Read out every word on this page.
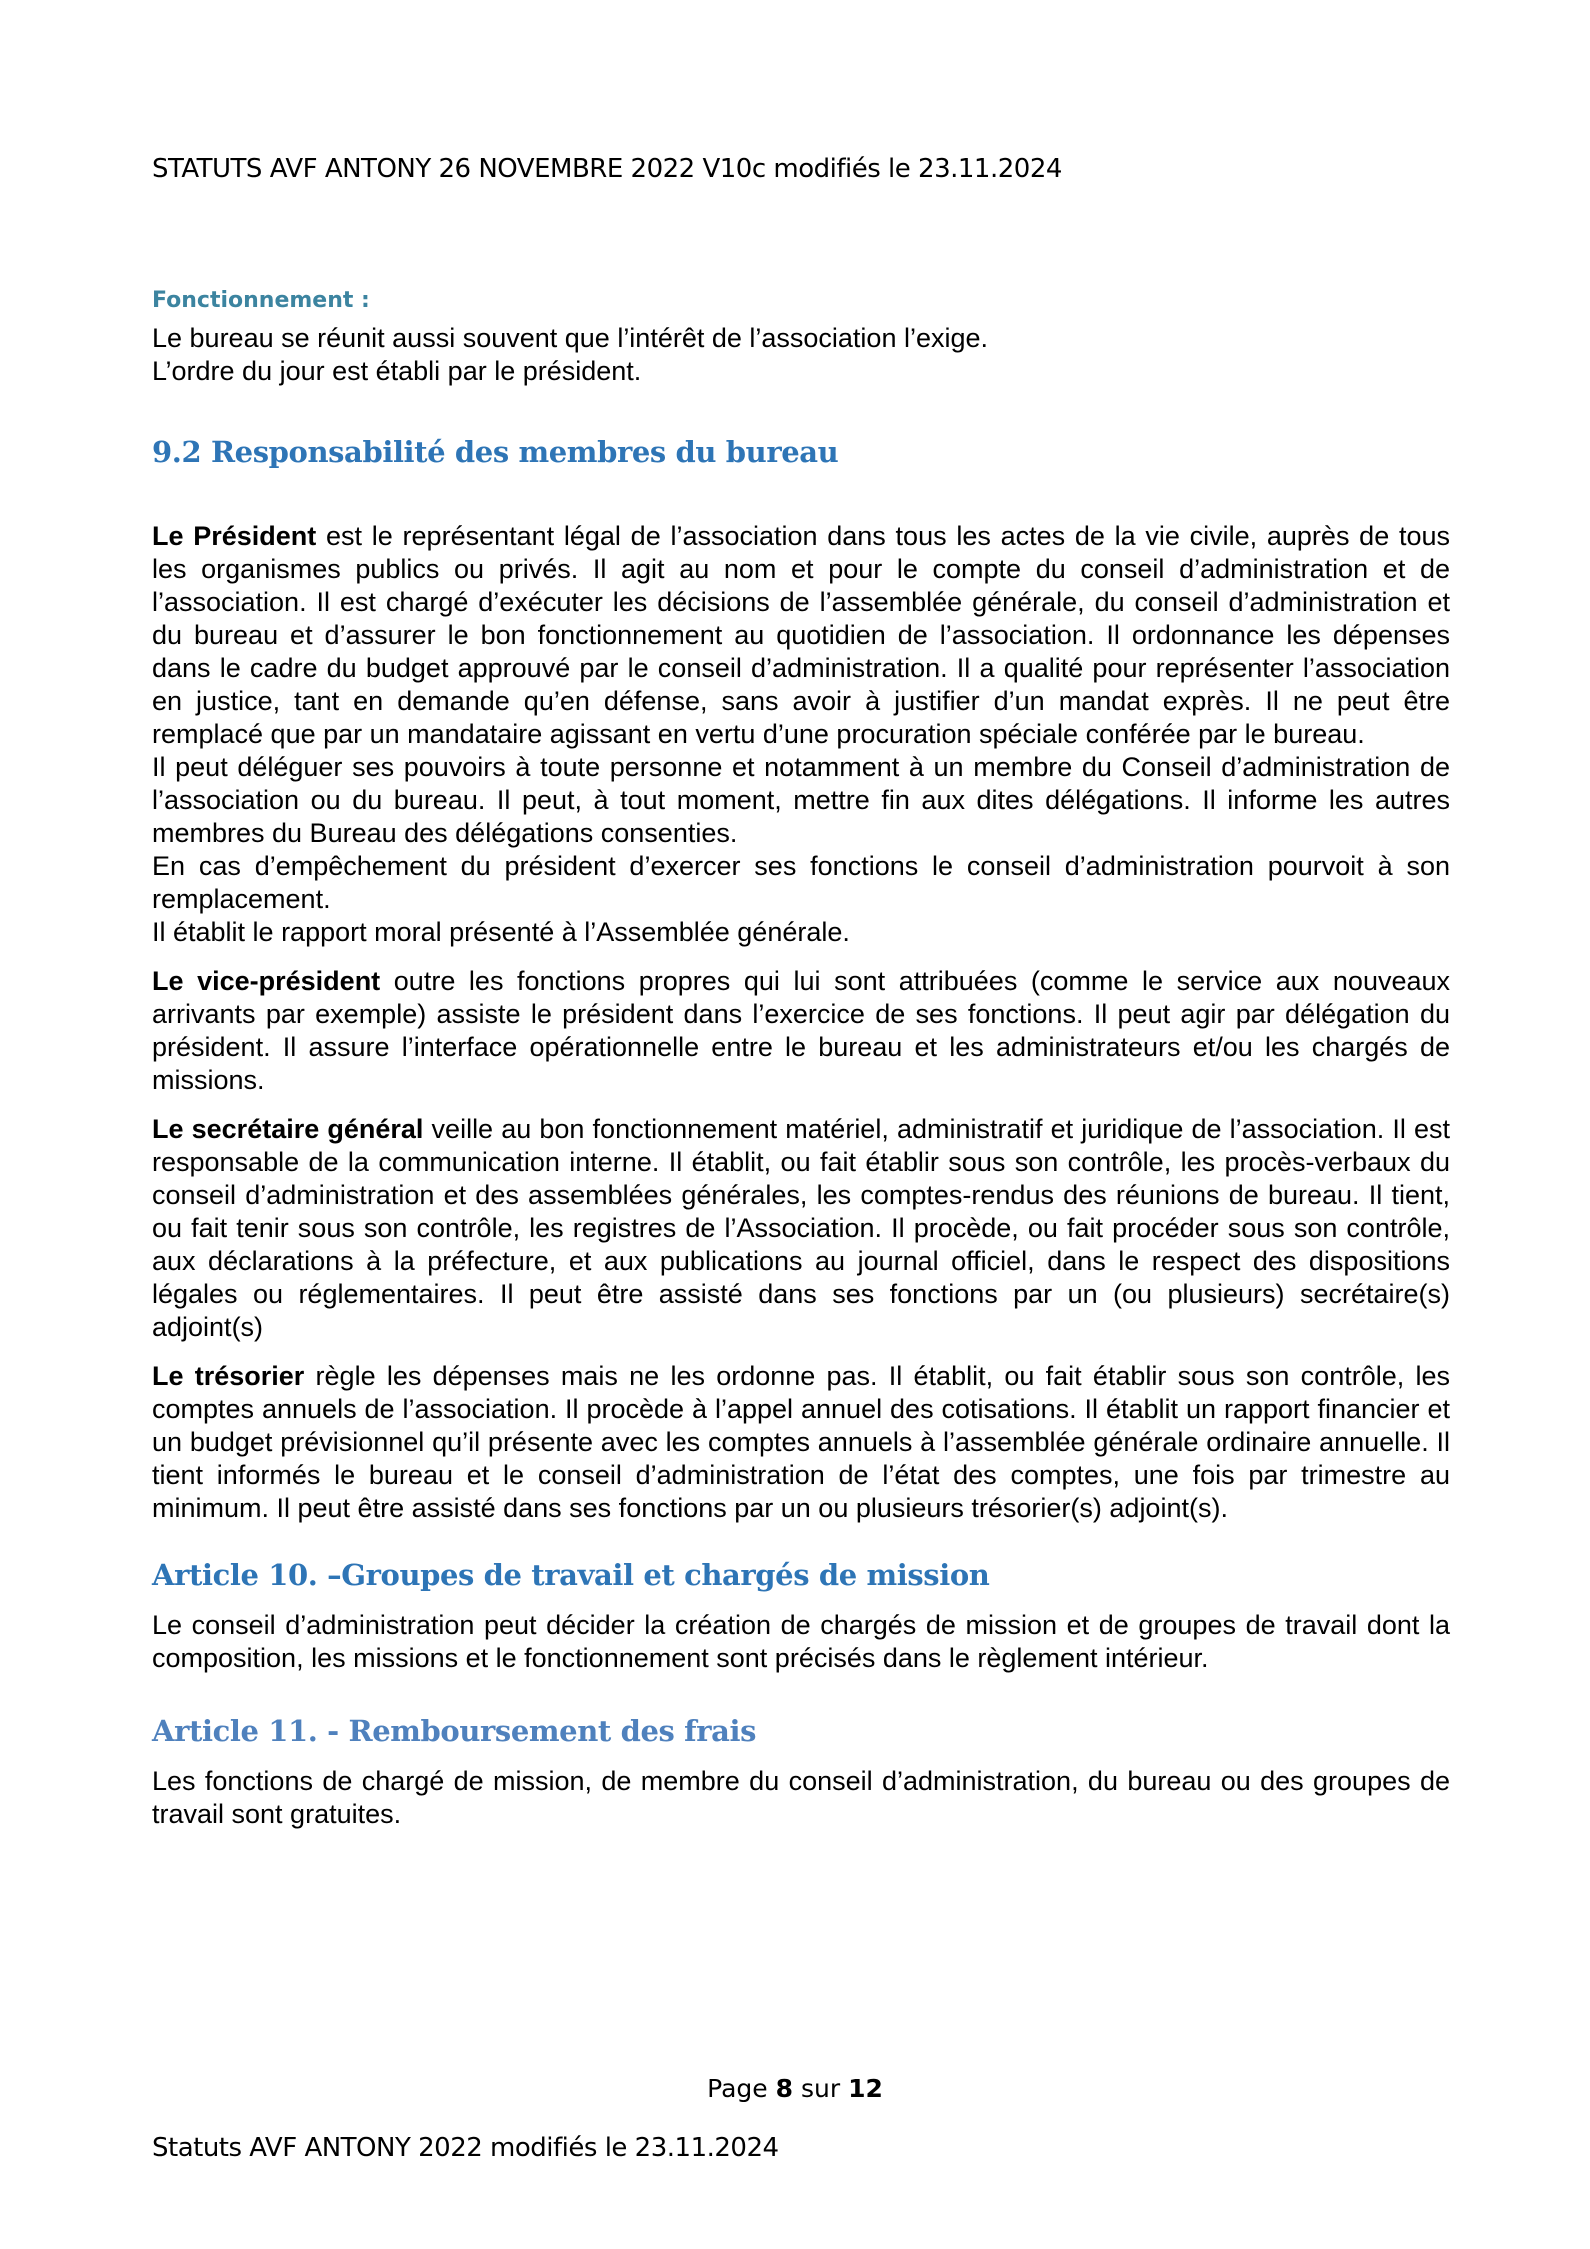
STATUTS AVF ANTONY 26 NOVEMBRE 2022 V10c modifiés le 23.11.2024
Fonctionnement :

Le bureau se réunit aussi souvent que l’intérêt de l’association l’exige.

L’ordre du jour est établi par le président.

9.2 Responsabilité des membres du bureau

Le Président est le représentant légal de l’association dans tous les actes de la vie civile, auprès de tous les organismes publics ou privés. Il agit au nom et pour le compte du conseil d’administration et de l’association. Il est chargé d’exécuter les décisions de l’assemblée générale, du conseil d’administration et du bureau et d’assurer le bon fonctionnement au quotidien de l’association. Il ordonnance les dépenses dans le cadre du budget approuvé par le conseil d’administration. Il a qualité pour représenter l’association en justice, tant en demande qu’en défense, sans avoir à justifier d’un mandat exprès. Il ne peut être remplacé que par un mandataire agissant en vertu d’une procuration spéciale conférée par le bureau.

Il peut déléguer ses pouvoirs à toute personne et notamment à un membre du Conseil d’administration de l’association ou du bureau. Il peut, à tout moment, mettre fin aux dites délégations. Il informe les autres membres du Bureau des délégations consenties.

En cas d’empêchement du président d’exercer ses fonctions le conseil d’administration pourvoit à son remplacement.

Il établit le rapport moral présenté à l’Assemblée générale.

Le vice-président outre les fonctions propres qui lui sont attribuées (comme le service aux nouveaux arrivants par exemple) assiste le président dans l’exercice de ses fonctions. Il peut agir par délégation du président. Il assure l’interface opérationnelle entre le bureau et les administrateurs et/ou les chargés de missions.

Le secrétaire général veille au bon fonctionnement matériel, administratif et juridique de l’association. Il est responsable de la communication interne. Il établit, ou fait établir sous son contrôle, les procès-verbaux du conseil d’administration et des assemblées générales, les comptes-rendus des réunions de bureau. Il tient, ou fait tenir sous son contrôle, les registres de l’Association. Il procède, ou fait procéder sous son contrôle, aux déclarations à la préfecture, et aux publications au journal officiel, dans le respect des dispositions légales ou réglementaires. Il peut être assisté dans ses fonctions par un (ou plusieurs) secrétaire(s) adjoint(s)

Le trésorier règle les dépenses mais ne les ordonne pas. Il établit, ou fait établir sous son contrôle, les comptes annuels de l’association. Il procède à l’appel annuel des cotisations. Il établit un rapport financier et un budget prévisionnel qu’il présente avec les comptes annuels à l’assemblée générale ordinaire annuelle. Il tient informés le bureau et le conseil d’administration de l’état des comptes, une fois par trimestre au minimum. Il peut être assisté dans ses fonctions par un ou plusieurs trésorier(s) adjoint(s).

Article 10. –Groupes de travail et chargés de mission

Le conseil d’administration peut décider la création de chargés de mission et de groupes de travail dont la composition, les missions et le fonctionnement sont précisés dans le règlement intérieur.

Article 11. - Remboursement des frais

Les fonctions de chargé de mission, de membre du conseil d’administration, du bureau ou des groupes de travail sont gratuites.

Page 8 sur 12
Statuts AVF ANTONY 2022 modifiés le 23.11.2024
